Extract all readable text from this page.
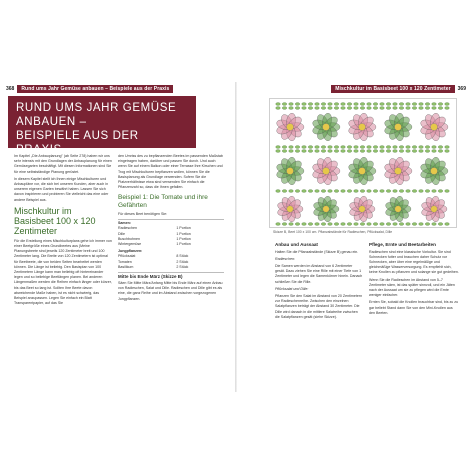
368	Rund ums Jahr Gemüse anbauen – Beispiele aus der Praxis
RUND UMS JAHR GEMÜSE
ANBAUEN –
BEISPIELE AUS DER PRAXIS

Im Kapitel „Die Anbauplanung" (ab Seite 278) haben wir uns sehr intensiv mit den Grundlagen der Anbauplanung für einen Gemüsegarten beschäftigt. Mit diesen Informationen sind Sie für eine selbstständige Planung gerüstet.

In diesem Kapitel stellt ich Ihnen einige Mischkulturen und Anbaupläne vor, die sich bei unseren Kunden, aber auch in unserem eigenen Garten bewährt haben. Lassen Sie sich davon inspirieren und probieren Sie vielleicht das eine oder andere Beispiel aus.

Mischkultur im
Basisbeet 100 x 120
Zentimeter

Für die Erstellung eines Mischkulturplans gehe ich immer von einer Beetgröße eines Grundbeetes aus (Meine Planungsbeete sind jeweils 120 Zentimeter breit und 100 Zentimeter lang. Die Breite von 120 Zentimetern ist optimal für Beetbeete, die von beiden Seiten bearbeitet werden können. Die Länge ist beliebig. Den Basisplan von 100 Zentimetern Länge kann man beliebig oft hintereinander legen und so beliebige Beetlängen planen. Bei anderen Längenmaßen werden die Reihen einfach länger oder kürzer, bis das Beet so lang ist. Sollten Ihre Beete davon abweichende Maße haben, ist es nicht schwierig, das Beispiel anzupassen. Legen Sie einfach ein Blatt Transparentpapier, auf das Sie

den Umriss des zu bepflanzenden Beetes im passenden Maßstab eingetragen haben, darüber und passen Sie durch. Und auch wenn Sie auf einem Balkon oder einer Terrasse Ihre Kirschen und Trog mit Mischkulturen bepflanzen wollen, können Sie die Basisplanung als Grundlage verwenden. Sofern Sie die Platzverhältnisse etwa sind verwenden Sie einfach die Pflanzenzahl so, dass die Ihnen gefallen.

Beispiel 1: Die Tomate und ihre Gefährten
Für dieses Beet benötigen Sie:
Samen:
Radieschen	1 Portion
Dille	1 Portion
Buschbohnen	1 Portion
Wintergemüse	1 Portion
Jungpflanzen:
Pflücksalat	8 Stück
Tomaten	2 Stück
Basilikum	2 Stück
Mitte bis Ende März (Skizze B)

Säen Sie Mitte März/Anfang Mitte bis Ende März auf einen Anbau von Radieschen, Salat und Dille. Radieschen und Dille gibt es als eine, die ganz Reihe und im Abstand zwischen vorgezogenen Jungpflanzen.

Mischkultur im Basisbeet 100 x 120 Zentimeter	369
Skizze B, Beet 100 x 100 cm. Pflanzabstände für Radieschen, Pflücksalat, Dille
Anbau und Aussaat

Halten Sie die Pflanzabstände (Skizze B) genau ein.

Radieschen:

Die Samen werden im Abstand von 6 Zentimeter gesät. Dazu ziehen Sie eine Rille mit einer Tiefe von 1 Zentimeter und legen die Samenkörner hinein. Danach schließen Sie die Rille.

Pflücksalat und Dille:

Pflanzen Sie den Salat im Abstand von 20 Zentimetern zur Radieschenreihe. Zwischen den einzelnen Salatpflanzen beträgt der Abstand 30 Zentimeter. Die Dille wird danach in die mittlere Salatreihe zwischen die Salatpflanzen gesät (siehe Skizze).

Pflege, Ernte und Beetarbeiten

Radieschen sind eine klassische Vorkultur. Sie sind Schnecken futter und brauchen daher Schutz vor Schnecken, aber über eine regelmäßige und gleichmäßige Wasserversorgung. Es empfiehlt sich, keine Knollen zu pflanzen und solange sie gut gedeihen.

Wenn Sie die Radieschen im Abstand von 5–7 Zentimeter säen, ist das später sinnvoll, und ein Jäten nach der Aussaat um sie zu pflegen wird die Ernte weniger einfacher.

Ernten Sie, sobald die Knollen brauchbar sind, bis zu zu gar beliebt Stand dann Sie von den Mini-Knollen aus den Beeten.
